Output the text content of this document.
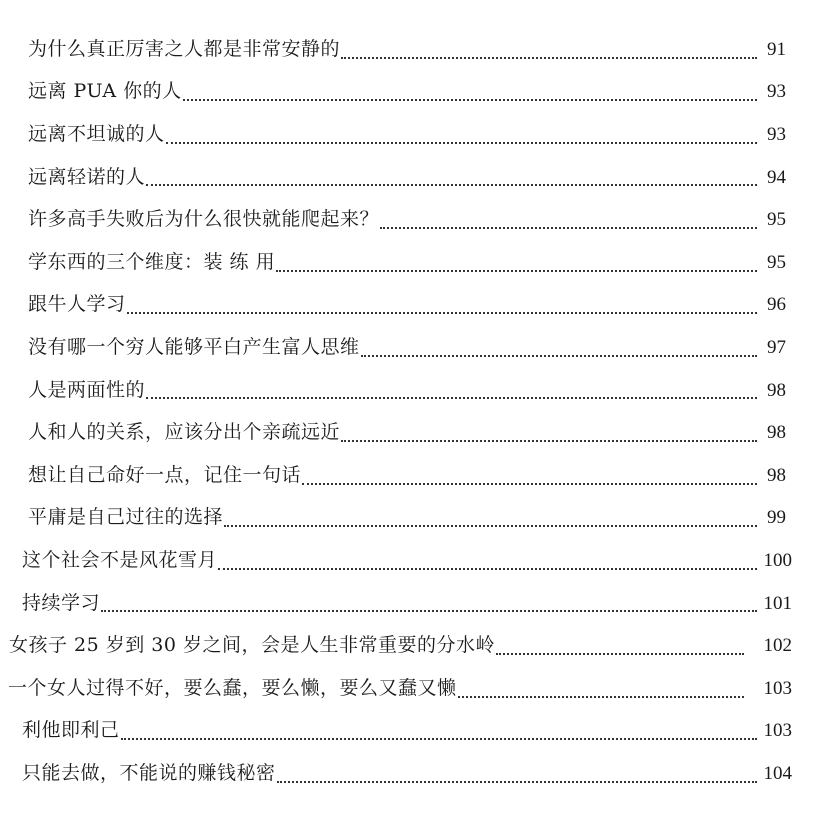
为什么真正厉害之人都是非常安静的	91
远离 PUA 你的人	93
远离不坦诚的人	93
远离轻诺的人	94
许多高手失败后为什么很快就能爬起来？	95
学东西的三个维度：装 练 用	95
跟牛人学习	96
没有哪一个穷人能够平白产生富人思维	97
人是两面性的	98
人和人的关系，应该分出个亲疏远近	98
想让自己命好一点，记住一句话	98
平庸是自己过往的选择	99
这个社会不是风花雪月	100
持续学习	101
女孩子 25 岁到 30 岁之间，会是人生非常重要的分水岭	102
一个女人过得不好，要么蠢，要么懒，要么又蠢又懒	103
利他即利己	103
只能去做，不能说的赚钱秘密	104
